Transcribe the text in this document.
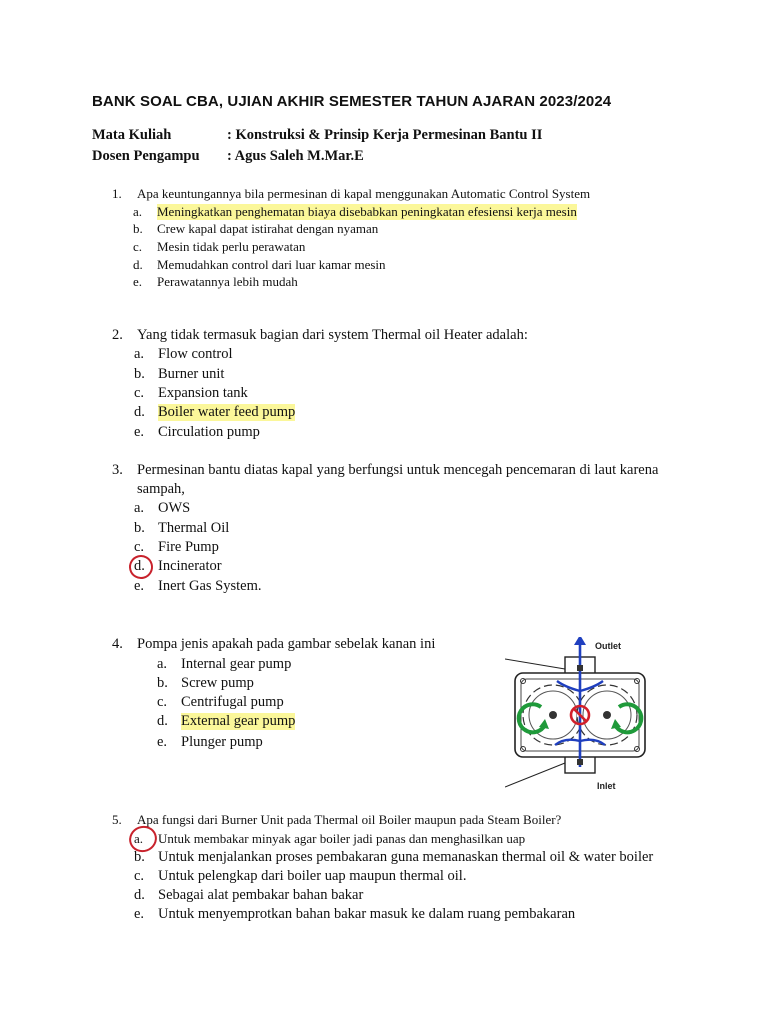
BANK SOAL CBA, UJIAN AKHIR SEMESTER TAHUN AJARAN 2023/2024
Mata Kuliah	: Konstruksi & Prinsip Kerja Permesinan Bantu II
Dosen Pengampu : Agus Saleh M.Mar.E
1. Apa keuntungannya bila permesinan di kapal menggunakan Automatic Control System
a. Meningkatkan penghematan biaya disebabkan peningkatan efesiensi kerja mesin
b. Crew kapal dapat istirahat dengan nyaman
c. Mesin tidak perlu perawatan
d. Memudahkan control dari luar kamar mesin
e. Perawatannya lebih mudah
2. Yang tidak termasuk bagian dari system Thermal oil Heater adalah:
a. Flow control
b. Burner unit
c. Expansion tank
d. Boiler water feed pump
e. Circulation pump
3. Permesinan bantu diatas kapal yang berfungsi untuk mencegah pencemaran di laut karena
sampah,
a. OWS
b. Thermal Oil
c. Fire Pump
d. Incinerator
e. Inert Gas System.
4. Pompa jenis apakah pada gambar sebelak kanan ini
a. Internal gear pump
b. Screw pump
c. Centrifugal pump
d. External gear pump
e. Plunger pump
Outlet
Inlet
5. Apa fungsi dari Burner Unit pada Thermal oil Boiler maupun pada Steam Boiler?
a. Untuk membakar minyak agar boiler jadi panas dan menghasilkan uap
b. Untuk menjalankan proses pembakaran guna memanaskan thermal oil & water boiler
c. Untuk pelengkap dari boiler uap maupun thermal oil.
d. Sebagai alat pembakar bahan bakar
e. Untuk menyemprotkan bahan bakar masuk ke dalam ruang pembakaran
